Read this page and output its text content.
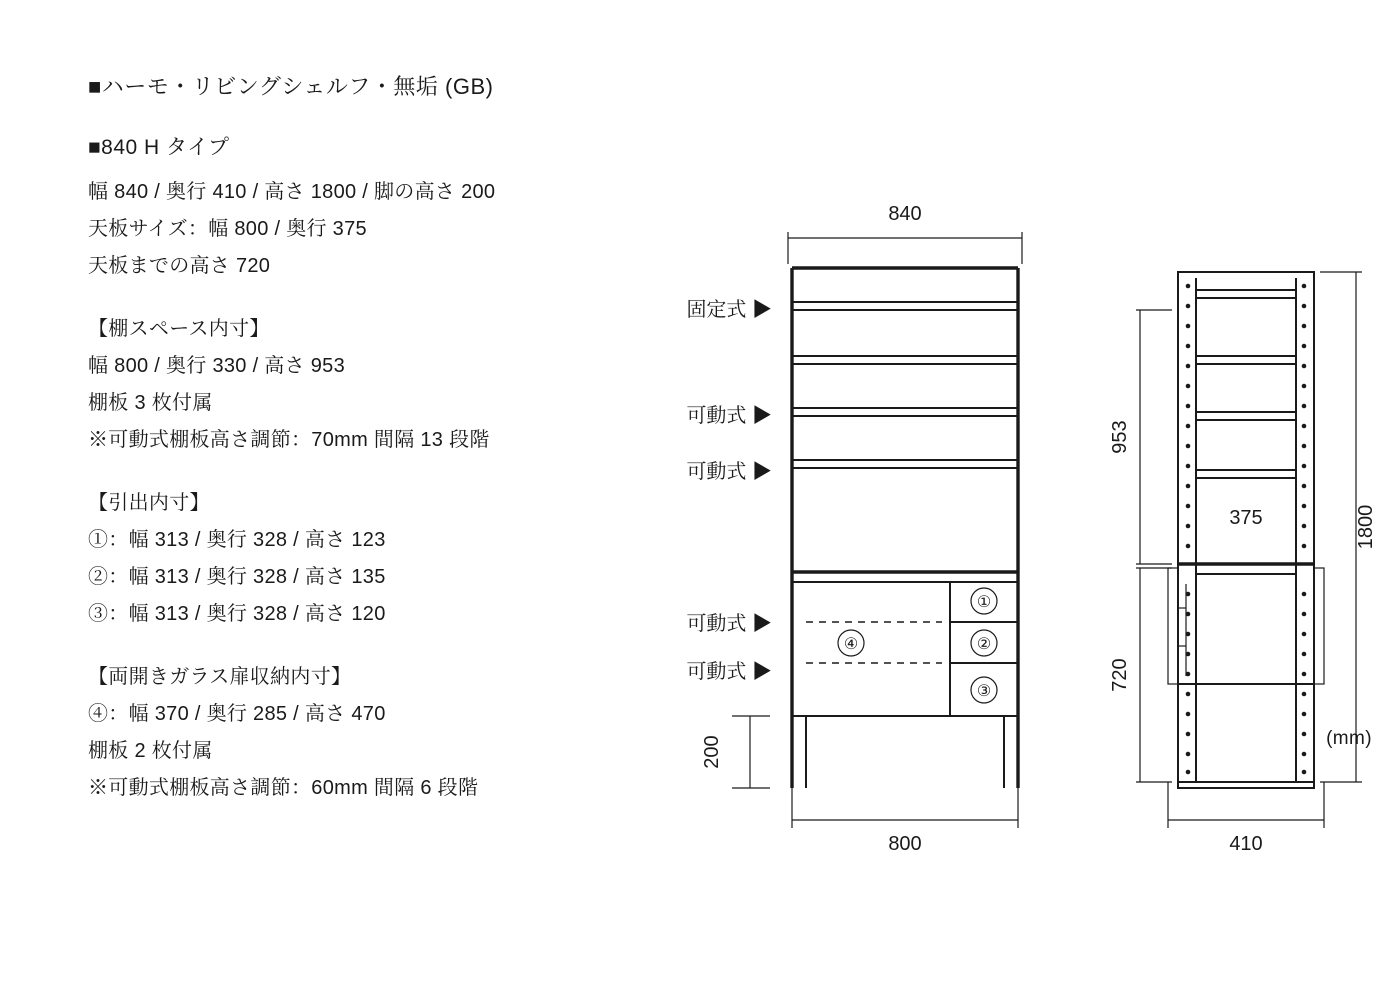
■ハーモ・リビングシェルフ・無垢 (GB)
■840 H タイプ
幅 840 / 奥行 410 / 高さ 1800 / 脚の高さ 200
天板サイズ：幅 800 / 奥行 375
天板までの高さ 720
【棚スペース内寸】
幅 800 / 奥行 330 / 高さ 953
棚板 3 枚付属
※可動式棚板高さ調節：70mm 間隔 13 段階
【引出内寸】
①：幅 313 / 奥行 328 / 高さ 123
②：幅 313 / 奥行 328 / 高さ 135
③：幅 313 / 奥行 328 / 高さ 120
【両開きガラス扉収納内寸】
④：幅 370 / 奥行 285 / 高さ 470
棚板 2 枚付属
※可動式棚板高さ調節：60mm 間隔 6 段階
840
①
②
③
④
200
800
固定式 ▶
可動式 ▶
可動式 ▶
可動式 ▶
可動式 ▶
375
953
720
1800
410
(mm)
